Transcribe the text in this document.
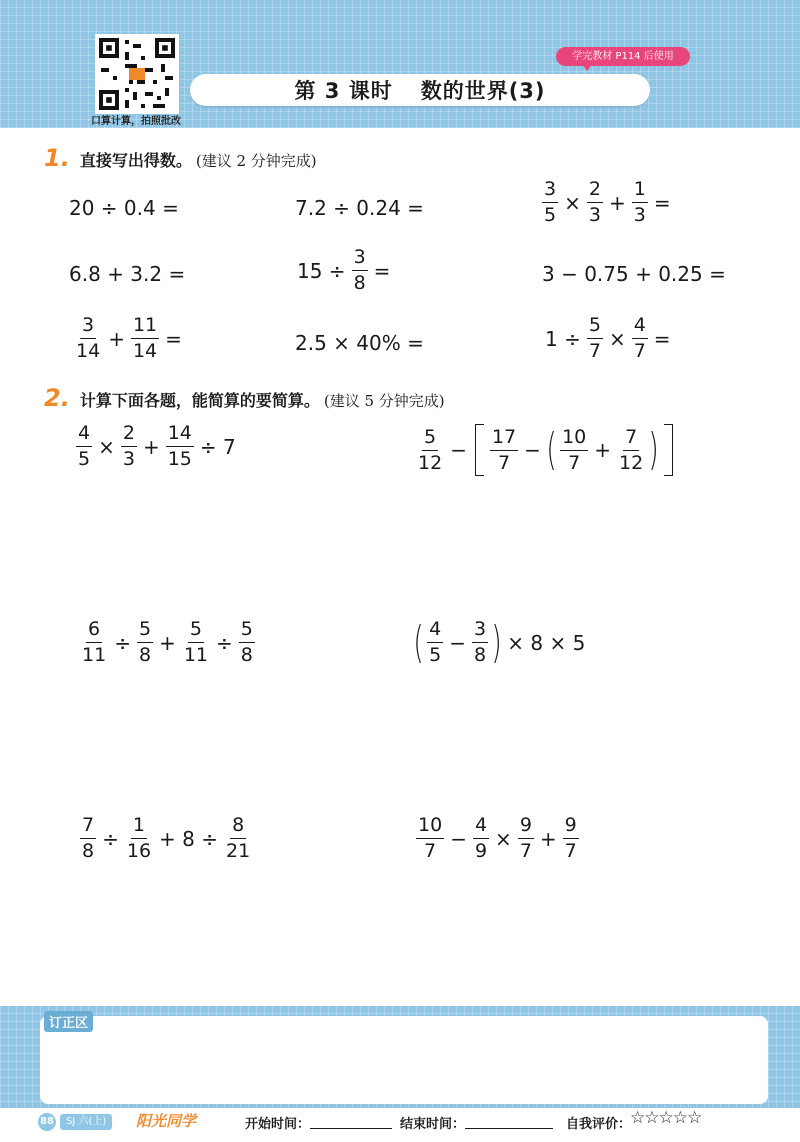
口算计算，拍照批改
学完教材 P114 后使用
第 3 课时 数的世界(3)
1. 直接写出得数。 (建议 2 分钟完成)
20 ÷ 0.4 =	7.2 ÷ 0.24 =	$\frac{3}{5} \times \frac{2}{3} + \frac{1}{3}$ =
6.8 + 3.2 =	$15 \div \frac{3}{8}$ =	3 − 0.75 + 0.25 =
$\frac{3}{14} + \frac{11}{14}$ =	2.5 × 40% =	$1 \div \frac{5}{7} \times \frac{4}{7}$ =
2. 计算下面各题，能简算的要简算。 (建议 5 分钟完成)
$\frac{4}{5} \times \frac{2}{3} + \frac{14}{15} \div 7$	$\frac{5}{12} - \frac{17}{7}$ − ( $\frac{10}{7} + \frac{7}{12}$ )
$\frac{6}{11} \div \frac{5}{8} + \frac{5}{11} \div \frac{5}{8}$	( $\frac{4}{5} - \frac{3}{8}$ ) × 8 × 5
$\frac{7}{8} \div \frac{1}{16} + 8 \div \frac{8}{21}$	$\frac{10}{7} - \frac{4}{9} \times \frac{9}{7} + \frac{9}{7}$
订正区
88	SJ 六(上)	阳光同学	开始时间：	结束时间：	自我评价：
☆☆☆☆☆
